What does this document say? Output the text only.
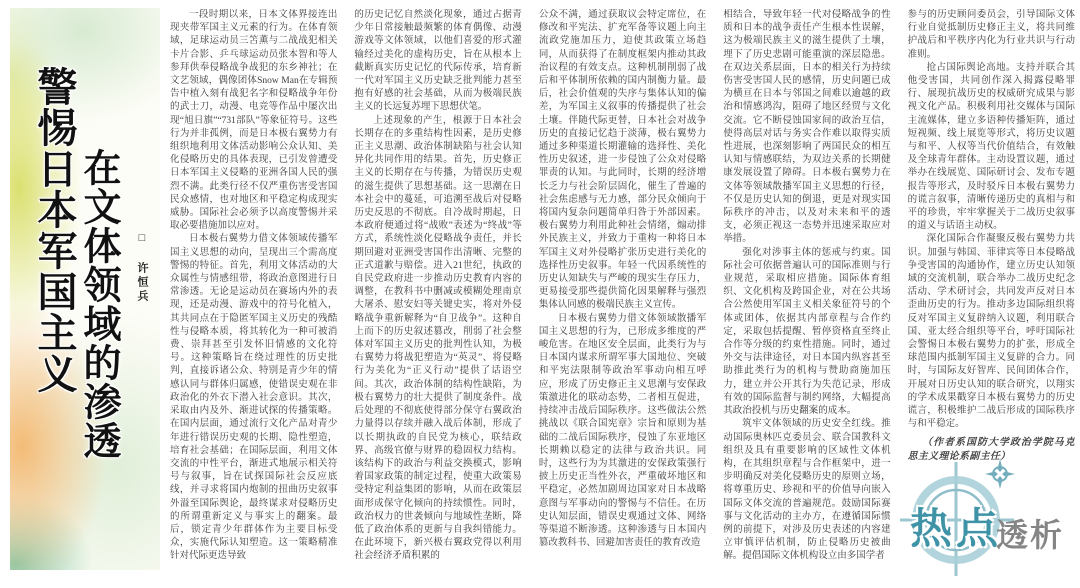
警惕日本军国主义 在文体领域的渗透	□ 许恒兵

一段时期以来，日本文体界接连出现夹带军国主义元素的行为。在体育领域，足球运动员三笘薫与二战战犯相关卡片合影、乒乓球运动员张本智和等人参拜供奉侵略战争战犯的东乡神社；在文艺领域，偶像团体Snow Man在专辑预告中植入刻有战犯名字和侵略战争年份的武士刀，动漫、电竞等作品中屡次出现“旭日旗”“731部队”等象征符号。这些行为并非孤例，而是日本极右翼势力有组织地利用文体活动影响公众认知、美化侵略历史的具体表现，已引发曾遭受日本军国主义侵略的亚洲各国人民的强烈不满。此类行径不仅严重伤害受害国民众感情，也对地区和平稳定构成现实威胁。国际社会必须予以高度警惕并采取必要措施加以应对。

日本极右翼势力借文体领域传播军国主义思想的动向，呈现出三个需高度警惕的特征。首先，利用文体活动的大众属性与情感纽带，将政治意图进行日常渗透。无论是运动员在赛场内外的表现，还是动漫、游戏中的符号化植入，其共同点在于隐匿军国主义历史的残酷性与侵略本质，将其转化为一种可被消费、崇拜甚至引发怀旧情感的文化符号。这种策略旨在绕过理性的历史批判，直接诉诸公众、特别是青少年的情感认同与群体归属感，使错误史观在非政治化的外衣下潜入社会意识。其次，采取由内及外、渐进试探的传播策略。在国内层面，通过流行文化产品对青少年进行错误历史观的长期、隐性塑造，培育社会基础；在国际层面，利用文体交流的中性平台，渐进式地展示相关符号与叙事，旨在试探国际社会反应底线，并寻求将国内炮制的扭曲历史叙事外溢至国际舆论，最终谋求对侵略历史的所谓重新定义与事实上的翻案。最后，锁定青少年群体作为主要目标受众，实施代际认知塑造。这一策略精准针对代际更迭导致

的历史记忆自然淡化现象，通过占据青少年日常接触最频繁的体育偶像、动漫游戏等文体领域，以他们喜爱的形式灌输经过美化的虚构历史，旨在从根本上截断真实历史记忆的代际传承，培育新一代对军国主义历史缺乏批判能力甚至抱有好感的社会基础，从而为极端民族主义的长远复苏埋下思想伏笔。

上述现象的产生，根源于日本社会长期存在的多重结构性因素，是历史修正主义思潮、政治体制缺陷与社会认知异化共同作用的结果。首先，历史修正主义的长期存在与传播，为错误历史观的滋生提供了思想基础。这一思潮在日本社会中的蔓延，可追溯至战后对侵略历史反思的不彻底。自冷战时期起，日本政府便通过将“战败”表述为“终战”等方式，系统性淡化侵略战争责任，并长期回避对亚洲受害国作出清晰、完整的正式道歉与赔偿。进入21世纪，执政的自民党政府进一步推动历史教育内容的调整，在教科书中删减或模糊处理南京大屠杀、慰安妇等关键史实，将对外侵略战争重新解释为“自卫战争”。这种自上而下的历史叙述篡改，削弱了社会整体对军国主义历史的批判性认知，为极右翼势力将战犯塑造为“英灵”、将侵略行为美化为“正义行动”提供了话语空间。其次，政治体制的结构性缺陷，为极右翼势力的壮大提供了制度条件。战后处理的不彻底使得部分保守右翼政治力量得以存续并融入战后体制，形成了以长期执政的自民党为核心，联结政界、高级官僚与财界的稳固权力结构。该结构下的政治与利益交换模式，影响着国家政策的制定过程，使重大政策易受特定利益集团的影响，从而在政策层面形成保守化倾向的持续惯性。同时，政治权力的世袭倾向与地域性垄断，降低了政治体系的更新与自我纠错能力。在此环境下，新兴极右翼政党得以利用社会经济矛盾积累的

公众不满，通过获取议会特定席位，在修改和平宪法、扩充军备等议题上向主流政党施加压力，迫使其政策立场趋同，从而获得了在制度框架内推动其政治议程的有效支点。这种机制削弱了战后和平体制所依赖的国内制衡力量。最后，社会价值观的失序与集体认知的偏差，为军国主义叙事的传播提供了社会土壤。伴随代际更替，日本社会对战争历史的直接记忆趋于淡薄，极右翼势力通过多种渠道长期灌输的选择性、美化性历史叙述，进一步侵蚀了公众对侵略罪责的认知。与此同时，长期的经济增长乏力与社会阶层固化，催生了普遍的社会焦虑感与无力感，部分民众倾向于将国内复杂问题简单归咎于外部因素。极右翼势力利用此种社会情绪，煽动排外民族主义，并致力于重构一种将日本军国主义对外侵略扩张历史进行美化的选择性历史叙事。年轻一代因系统性的历史认知缺失与严峻的现实生存压力，更易接受那些提供简化因果解释与强烈集体认同感的极端民族主义宣传。

日本极右翼势力借文体领域散播军国主义思想的行为，已形成多维度的严峻危害。在地区安全层面，此类行为与日本国内谋求所谓军事大国地位、突破和平宪法限制等政治军事动向相互呼应，形成了历史修正主义思潮与安保政策激进化的联动态势，二者相互促进，持续冲击战后国际秩序。这些做法公然挑战以《联合国宪章》宗旨和原则为基础的二战后国际秩序，侵蚀了东亚地区长期赖以稳定的法律与政治共识。同时，这些行为为其激进的安保政策强行披上历史正当性外衣，严重破坏地区和平稳定，必然加剧周边国家对日本战略意图与军事动向的警惕与不信任。在历史认知层面，错误史观通过文体、网络等渠道不断渗透。这种渗透与日本国内篡改教科书、回避加害责任的教育改造

相结合，导致年轻一代对侵略战争的性质和日本的战争责任产生根本性误解，这为极端民族主义的滋生提供了土壤，埋下了历史悲剧可能重演的深层隐患。在双边关系层面，日本的相关行为持续伤害受害国人民的感情，历史问题已成为横亘在日本与邻国之间难以逾越的政治和情感鸿沟，阻碍了地区经贸与文化交流。它不断侵蚀国家间的政治互信，使得高层对话与务实合作难以取得实质性进展，也深刻影响了两国民众的相互认知与情感联结，为双边关系的长期健康发展设置了障碍。日本极右翼势力在文体等领域散播军国主义思想的行径，不仅是历史认知的倒退，更是对现实国际秩序的冲击，以及对未来和平的透支，必须正视这一态势并迅速采取应对举措。

强化对涉事主体的惩戒与约束。国际社会可依据普遍认可的国际准则与行业规范，采取相应措施。国际体育组织、文化机构及跨国企业，对在公共场合公然使用军国主义相关象征符号的个体或团体，依据其内部章程与合作约定，采取包括提醒、暂停资格直至终止合作等分级的约束性措施。同时，通过外交与法律途径，对日本国内纵容甚至助推此类行为的机构与赞助商施加压力，建立并公开其行为失范记录，形成有效的国际监督与制约网络，大幅提高其政治投机与历史翻案的成本。

筑牢文体领域的历史安全红线。推动国际奥林匹克委员会、联合国教科文组织及具有重要影响的区域性文体机构，在其组织章程与合作框架中，进一步明确反对美化侵略历史的原则立场，将尊重历史、珍视和平的价值导向嵌入国际文体交流的普遍规范。鼓励国际赛事与文化活动的主办方，在遵循国际惯例的前提下，对涉及历史表述的内容建立审慎评估机制，防止侵略历史被曲解。提倡国际文体机构设立由多国学者

参与的历史顾问委员会，引导国际文体行业自觉抵制历史修正主义，将共同维护战后和平秩序内化为行业共识与行动准则。

抢占国际舆论高地。支持并联合其他受害国，共同创作深入揭露侵略罪行、展现抗战历史的权威研究成果与影视文化产品。积极利用社交媒体与国际主流媒体，建立多语种传播矩阵，通过短视频、线上展览等形式，将历史议题与和平、人权等当代价值结合，有效触及全球青年群体。主动设置议题，通过举办在线展览、国际研讨会、发布专题报告等形式，及时驳斥日本极右翼势力的谎言叙事，清晰传递历史的真相与和平的珍贵，牢牢掌握关于二战历史叙事的道义与话语主动权。

深化国际合作凝聚反极右翼势力共识。加强与韩国、菲律宾等日本侵略战争受害国的沟通协作，建立历史认知领域的交流机制，联合举办二战历史纪念活动、学术研讨会，共同发声反对日本歪曲历史的行为。推动多边国际组织将反对军国主义复辟纳入议题，利用联合国、亚太经合组织等平台，呼吁国际社会警惕日本极右翼势力的扩张，形成全球范围内抵制军国主义复辟的合力。同时，与国际友好智库、民间团体合作，开展对日历史认知的联合研究，以翔实的学术成果戳穿日本极右翼势力的历史谎言，积极维护二战后形成的国际秩序与和平稳定。

（作者系国防大学政治学院马克思主义理论系副主任）

热点
透析
